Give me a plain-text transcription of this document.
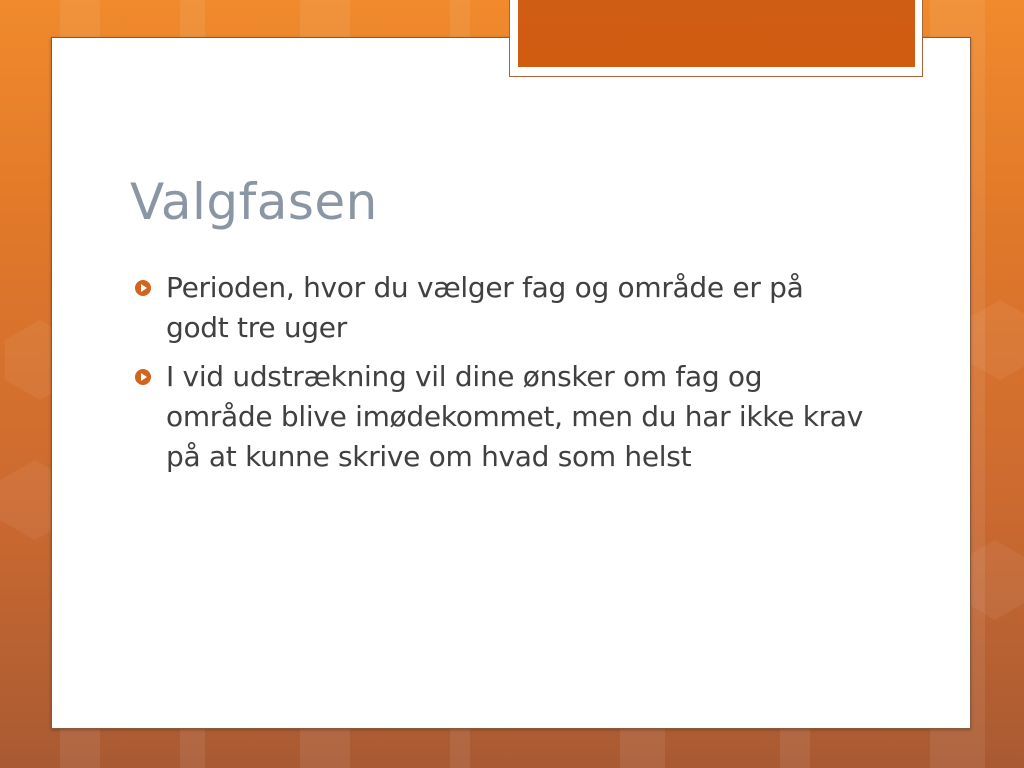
Valgfasen
Perioden, hvor du vælger fag og område er på godt tre uger
I vid udstrækning vil dine ønsker om fag og område blive imødekommet, men du har ikke krav på at kunne skrive om hvad som helst
